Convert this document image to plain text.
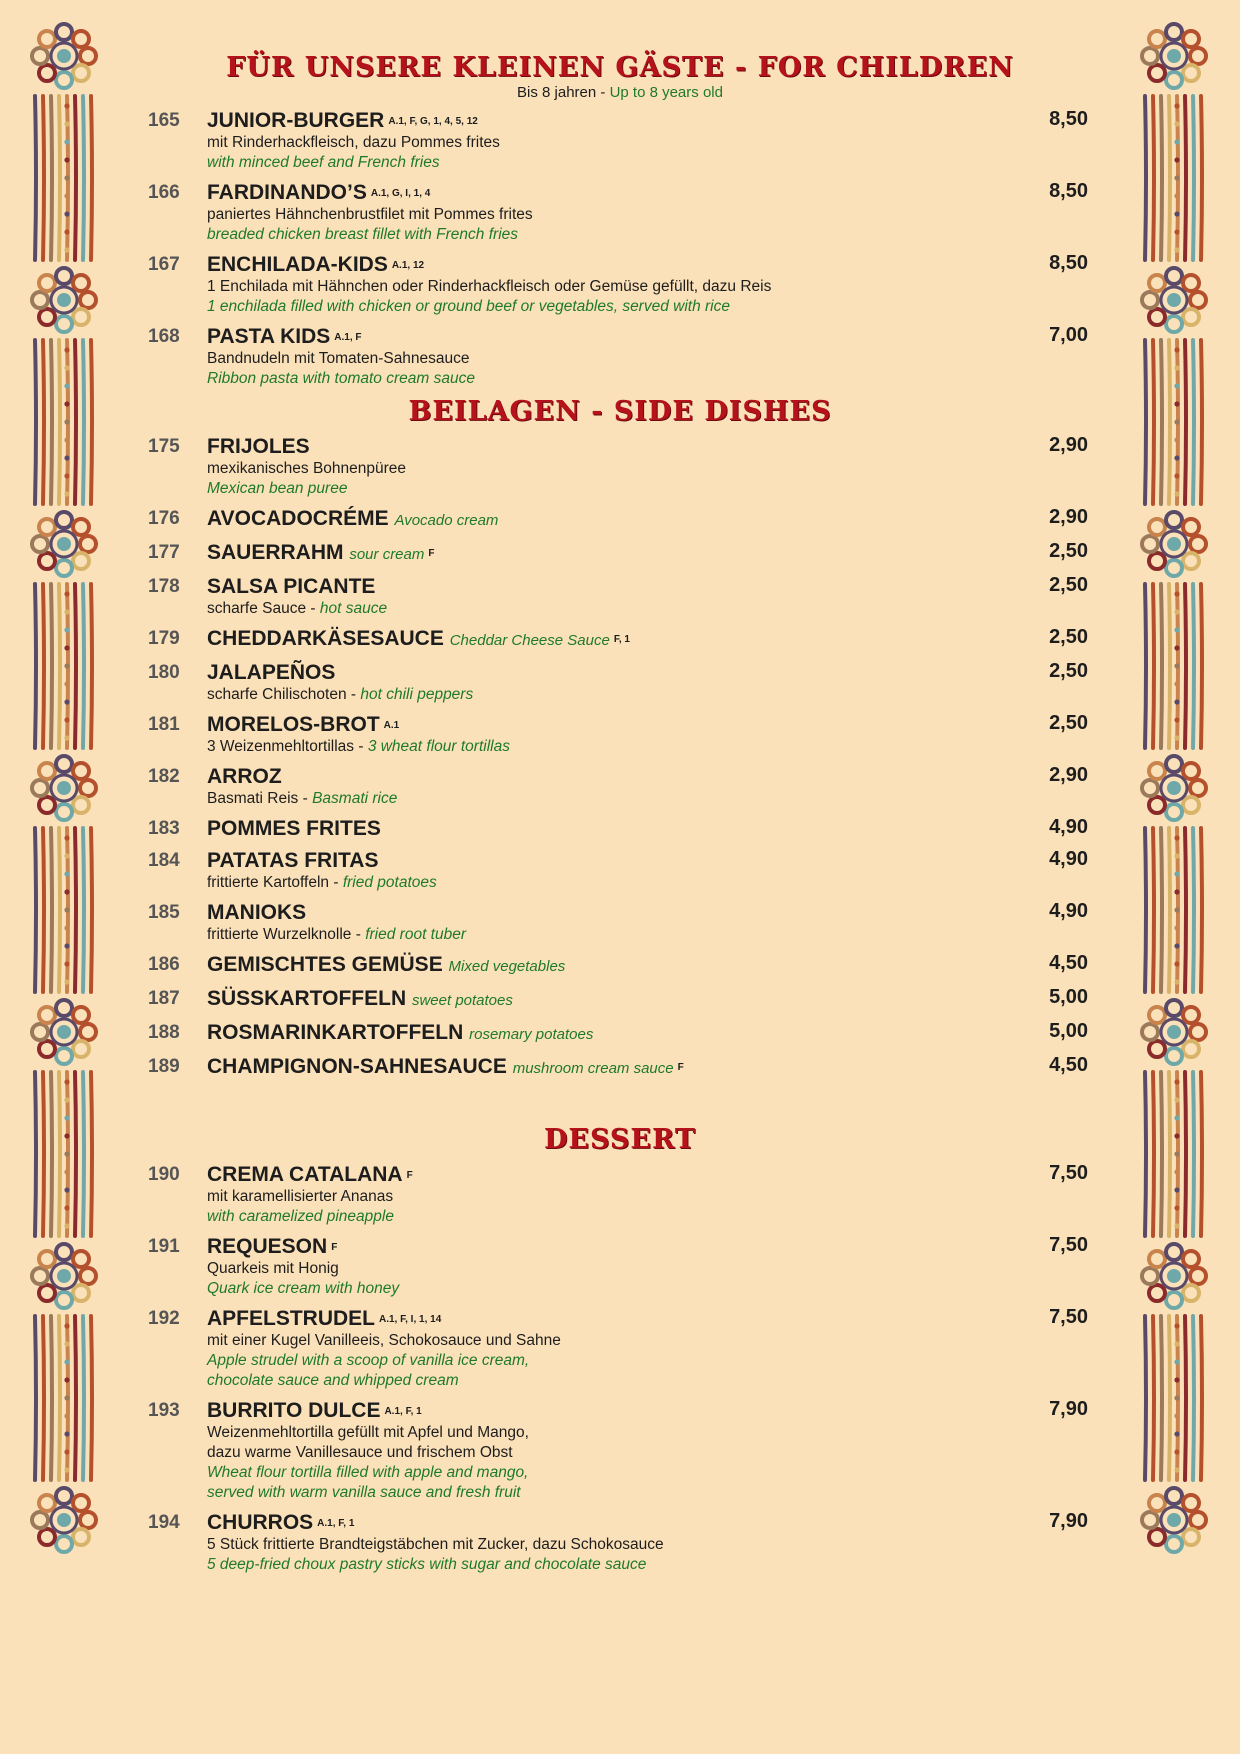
FÜR UNSERE KLEINEN GÄSTE - FOR CHILDREN
Bis 8 jahren - Up to 8 years old
165 JUNIOR-BURGER $^{A.1, F, G, 1, 4, 5, 12}$
mit Rinderhackfleisch, dazu Pommes frites
with minced beef and French fries
8,50
166 FARDINANDO’S $^{A.1, G, I, 1, 4}$
paniertes Hähnchenbrustfilet mit Pommes frites
breaded chicken breast fillet with French fries
8,50
167 ENCHILADA-KIDS $^{A.1, 12}$
1 Enchilada mit Hähnchen oder Rinderhackfleisch oder Gemüse gefüllt, dazu Reis
1 enchilada filled with chicken or ground beef or vegetables, served with rice
8,50
168 PASTA KIDS $^{A.1, F}$
Bandnudeln mit Tomaten-Sahnesauce
Ribbon pasta with tomato cream sauce
7,00
BEILAGEN - SIDE DISHES
175 FRIJOLES
mexikanisches Bohnenpüree
Mexican bean puree
2,90
176 AVOCADOCRÉME Avocado cream	2,90
177 SAUERRAHM sour cream $^F$	2,50
178 SALSA PICANTE
scharfe Sauce - hot sauce
2,50
179 CHEDDARKÄSESAUCE Cheddar Cheese Sauce $^{F, 1}$	2,50
180 JALAPEÑOS
scharfe Chilischoten - hot chili peppers
2,50
181 MORELOS-BROT $^{A.1}$
3 Weizenmehltortillas - 3 wheat flour tortillas
2,50
182 ARROZ
Basmati Reis - Basmati rice
2,90
183 POMMES FRITES	4,90
184 PATATAS FRITAS
frittierte Kartoffeln - fried potatoes
4,90
185 MANIOKS
frittierte Wurzelknolle - fried root tuber
4,90
186 GEMISCHTES GEMÜSE Mixed vegetables	4,50
187 SÜSSKARTOFFELN sweet potatoes	5,00
188 ROSMARINKARTOFFELN rosemary potatoes	5,00
189 CHAMPIGNON-SAHNESAUCE mushroom cream sauce $^F$	4,50
DESSERT
190 CREMA CATALANA $^F$
mit karamellisierter Ananas
with caramelized pineapple
7,50
191 REQUESON $^F$
Quarkeis mit Honig
Quark ice cream with honey
7,50
192 APFELSTRUDEL $^{A.1, F, I, 1, 14}$
mit einer Kugel Vanilleeis, Schokosauce und Sahne
Apple strudel with a scoop of vanilla ice cream,
chocolate sauce and whipped cream
7,50
193 BURRITO DULCE $^{A.1, F, 1}$
Weizenmehltortilla gefüllt mit Apfel und Mango,
dazu warme Vanillesauce und frischem Obst
Wheat flour tortilla filled with apple and mango,
served with warm vanilla sauce and fresh fruit
7,90
194 CHURROS $^{A.1, F, 1}$
5 Stück frittierte Brandteigstäbchen mit Zucker, dazu Schokosauce
5 deep-fried choux pastry sticks with sugar and chocolate sauce
7,90
